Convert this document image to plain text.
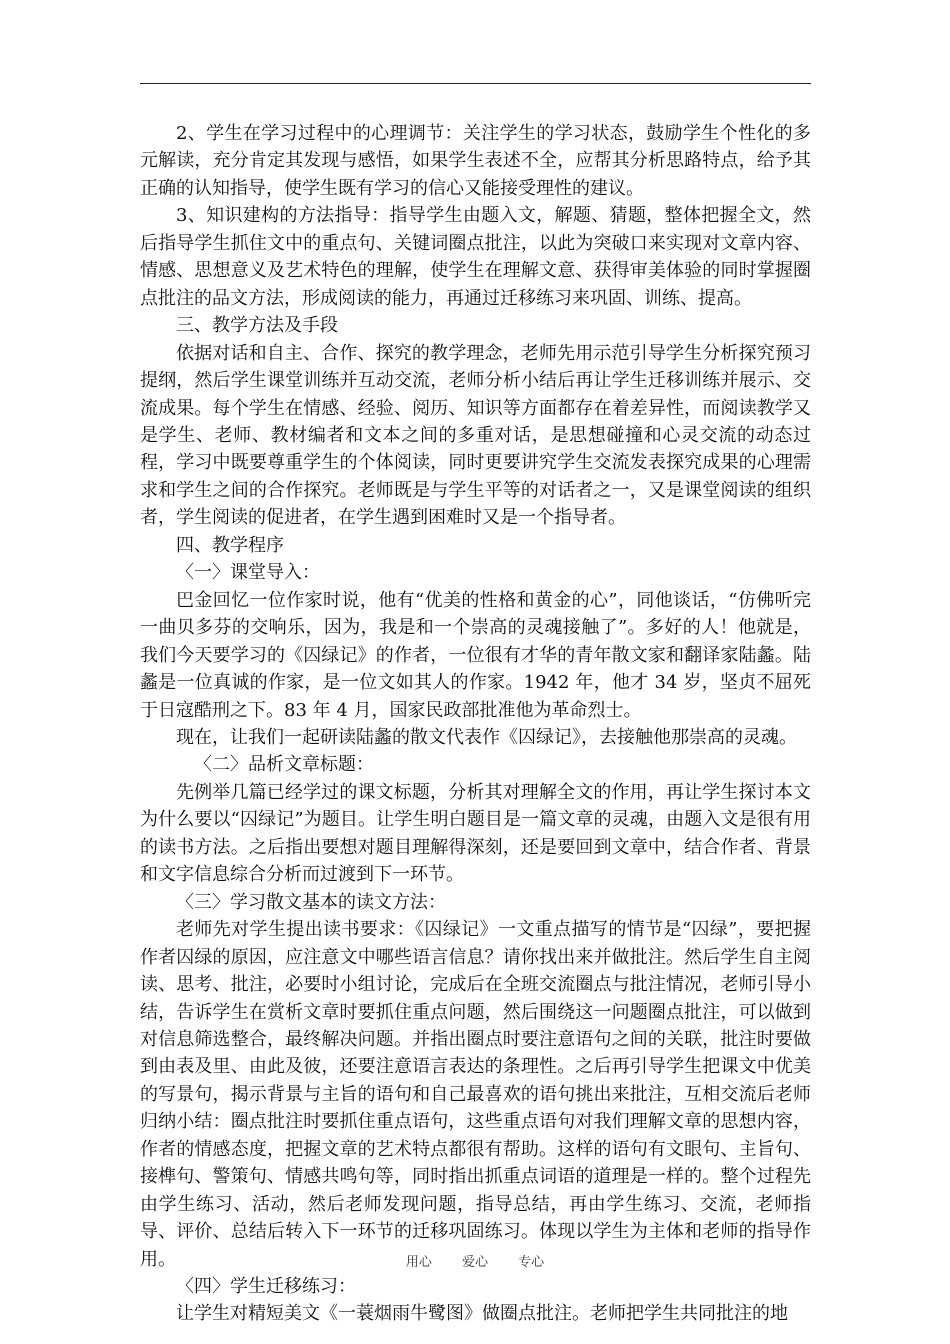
2、学生在学习过程中的心理调节：关注学生的学习状态，鼓励学生个性化的多元解读，充分肯定其发现与感悟，如果学生表述不全，应帮其分析思路特点，给予其正确的认知指导，使学生既有学习的信心又能接受理性的建议。

3、知识建构的方法指导：指导学生由题入文，解题、猜题，整体把握全文，然后指导学生抓住文中的重点句、关键词圈点批注，以此为突破口来实现对文章内容、情感、思想意义及艺术特色的理解，使学生在理解文意、获得审美体验的同时掌握圈点批注的品文方法，形成阅读的能力，再通过迁移练习来巩固、训练、提高。

三、教学方法及手段

依据对话和自主、合作、探究的教学理念，老师先用示范引导学生分析探究预习提纲，然后学生课堂训练并互动交流，老师分析小结后再让学生迁移训练并展示、交流成果。每个学生在情感、经验、阅历、知识等方面都存在着差异性，而阅读教学又是学生、老师、教材编者和文本之间的多重对话，是思想碰撞和心灵交流的动态过程，学习中既要尊重学生的个体阅读，同时更要讲究学生交流发表探究成果的心理需求和学生之间的合作探究。老师既是与学生平等的对话者之一，又是课堂阅读的组织者，学生阅读的促进者，在学生遇到困难时又是一个指导者。

四、教学程序

〈一〉课堂导入：

巴金回忆一位作家时说，他有“优美的性格和黄金的心”，同他谈话，“仿佛听完一曲贝多芬的交响乐，因为，我是和一个崇高的灵魂接触了”。多好的人！他就是，我们今天要学习的《囚绿记》的作者，一位很有才华的青年散文家和翻译家陆蠡。陆蠡是一位真诚的作家，是一位文如其人的作家。1942 年，他才 34 岁，坚贞不屈死于日寇酷刑之下。83 年 4 月，国家民政部批准他为革命烈士。

现在，让我们一起研读陆蠡的散文代表作《囚绿记》，去接触他那崇高的灵魂。

〈二〉品析文章标题：

先例举几篇已经学过的课文标题，分析其对理解全文的作用，再让学生探讨本文为什么要以“囚绿记”为题目。让学生明白题目是一篇文章的灵魂，由题入文是很有用的读书方法。之后指出要想对题目理解得深刻，还是要回到文章中，结合作者、背景和文字信息综合分析而过渡到下一环节。

〈三〉学习散文基本的读文方法：

老师先对学生提出读书要求：《囚绿记》一文重点描写的情节是“囚绿”，要把握作者囚绿的原因，应注意文中哪些语言信息？请你找出来并做批注。然后学生自主阅读、思考、批注，必要时小组讨论，完成后在全班交流圈点与批注情况，老师引导小结，告诉学生在赏析文章时要抓住重点问题，然后围绕这一问题圈点批注，可以做到对信息筛选整合，最终解决问题。并指出圈点时要注意语句之间的关联，批注时要做到由表及里、由此及彼，还要注意语言表达的条理性。之后再引导学生把课文中优美的写景句，揭示背景与主旨的语句和自己最喜欢的语句挑出来批注，互相交流后老师归纳小结：圈点批注时要抓住重点语句，这些重点语句对我们理解文章的思想内容，作者的情感态度，把握文章的艺术特点都很有帮助。这样的语句有文眼句、主旨句、接榫句、警策句、情感共鸣句等，同时指出抓重点词语的道理是一样的。整个过程先由学生练习、活动，然后老师发现问题，指导总结，再由学生练习、交流，老师指导、评价、总结后转入下一环节的迁移巩固练习。体现以学生为主体和老师的指导作用。

〈四〉学生迁移练习：

让学生对精短美文《一蓑烟雨牛鹭图》做圈点批注。老师把学生共同批注的地

用心 爱心 专心
